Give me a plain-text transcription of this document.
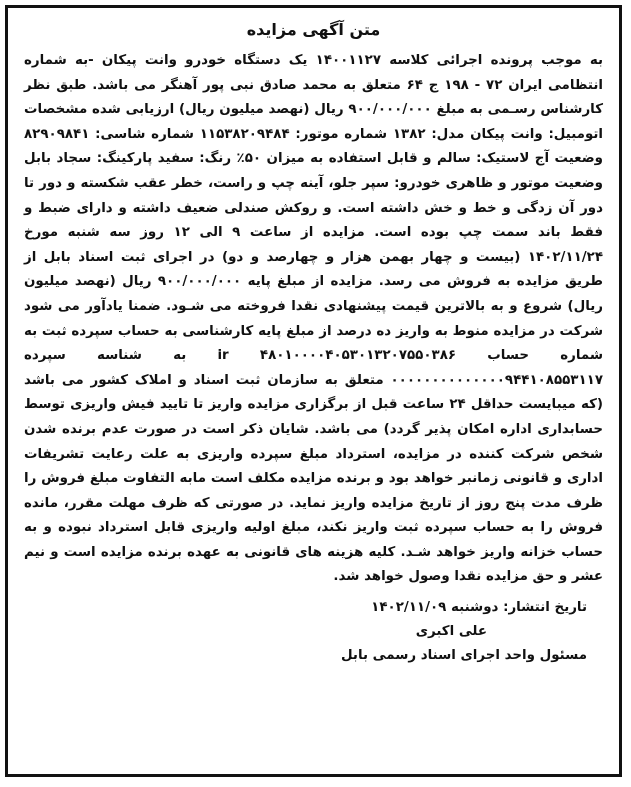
متن آگهی مزایده

به موجب پرونده اجرائی کلاسه ۱۴۰۰۱۱۲۷ یک دستگاه خودرو وانت پیکان -به شماره انتظامی ایران ۷۲ - ۱۹۸ ج ۶۴ متعلق به محمد صادق نبی پور آهنگر می باشد. طبق نظر کارشناس رسـمی به مبلغ ۹۰۰/۰۰۰/۰۰۰ ریال (نهصد میلیون ریال) ارزیابی شده مشخصات اتومبیل: وانت پیکان مدل: ۱۳۸۲ شماره موتور: ۱۱۵۳۸۲۰۹۴۸۴ شماره شاسی: ۸۲۹۰۹۸۴۱ وضعیت آج لاستیک: سالم و قابل استفاده به میزان ۵۰٪ رنگ: سفید پارکینگ: سجاد بابل وضعیت موتور و ظاهری خودرو: سپر جلو، آینه چپ و راست، خطر عقب شکسته و دور تا دور آن زدگی و خط و خش داشته است. و روکش صندلی ضعیف داشته و دارای ضبط و فقط باند سمت چپ بوده است. مزایده از ساعت ۹ الی ۱۲ روز سه شنبه مورخ ۱۴۰۲/۱۱/۲۴ (بیست و چهار بهمن هزار و چهارصد و دو) در اجرای ثبت اسناد بابل از طریق مزایده به فروش می رسد. مزایده از مبلغ پایه ۹۰۰/۰۰۰/۰۰۰ ریال (نهصد میلیون ریال) شروع و به بالاترین قیمت پیشنهادی نقدا فروخته می شـود. ضمنا یادآور می شود شرکت در مزایده منوط به واریز ده درصد از مبلغ پایه کارشناسی به حساب سپرده ثبت به شماره حساب ۴۸۰۱۰۰۰۰۴۰۵۳۰۱۳۲۰۷۵۵۰۳۸۶ ir به شناسه سپرده ۰۰۰۰۰۰۰۰۰۰۰۰۰۰۹۴۴۱۰۸۵۵۳۱۱۷ متعلق به سازمان ثبت اسناد و املاک کشور می باشد (که میبایست حداقل ۲۴ ساعت قبل از برگزاری مزایده واریز تا تایید فیش واریزی توسط حسابداری اداره امکان پذیر گردد) می باشد. شایان ذکر است در صورت عدم برنده شدن شخص شرکت کننده در مزایده، استرداد مبلغ سپرده واریزی به علت رعایت تشریفات اداری و قانونی زمانبر خواهد بود و برنده مزایده مکلف است مابه التفاوت مبلغ فروش را ظرف مدت پنج روز از تاریخ مزایده واریز نماید. در صورتی که ظرف مهلت مقرر، مانده فروش را به حساب سپرده ثبت واریز نکند، مبلغ اولیه واریزی قابل استرداد نبوده و به حساب خزانه واریز خواهد شـد. کلیه هزینه های قانونی به عهده برنده مزایده است و نیم عشر و حق مزایده نقدا وصول خواهد شد.

تاریخ انتشار: دوشنبه ۱۴۰۲/۱۱/۰۹
علی اکبری
مسئول واحد اجرای اسناد رسمی بابل
